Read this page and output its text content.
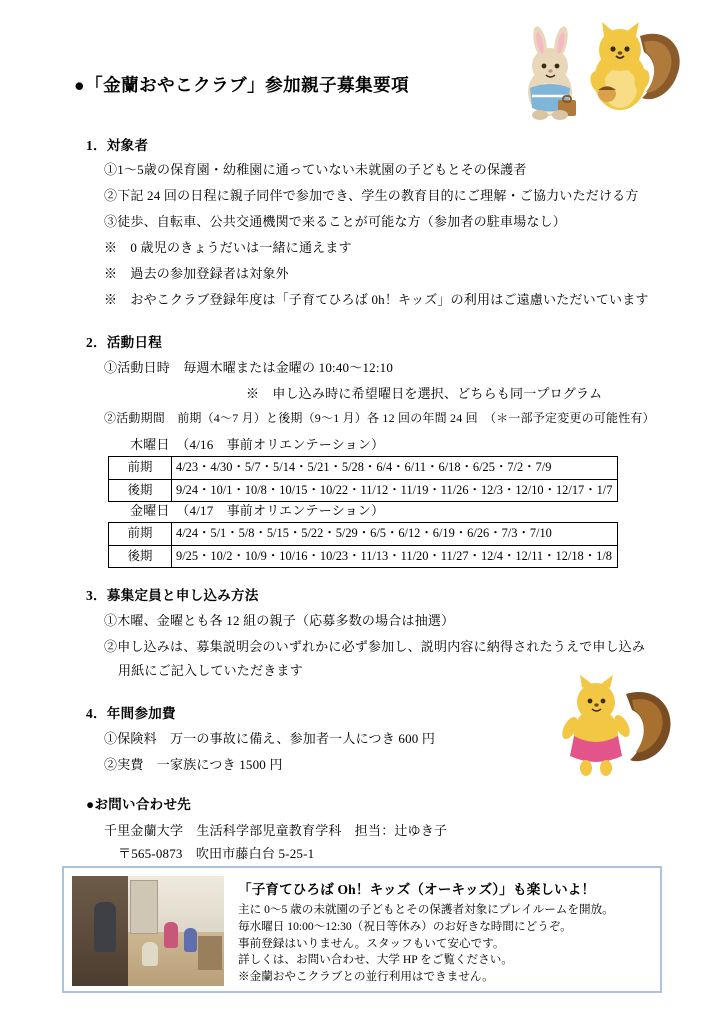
●「金蘭おやこクラブ」参加親子募集要項
1．対象者
①1～5歳の保育園・幼稚園に通っていない未就園の子どもとその保護者
②下記 24 回の日程に親子同伴で参加でき、学生の教育目的にご理解・ご協力いただける方
③徒歩、自転車、公共交通機関で来ることが可能な方（参加者の駐車場なし）
※　0 歳児のきょうだいは一緒に通えます
※　過去の参加登録者は対象外
※　おやこクラブ登録年度は「子育てひろば 0h！キッズ」の利用はご遠慮いただいています
2．活動日程
①活動日時　毎週木曜または金曜の 10:40～12:10
※　申し込み時に希望曜日を選択、どちらも同一プログラム
②活動期間　前期（4～7 月）と後期（9～1 月）各 12 回の年間 24 回　（＊一部予定変更の可能性有）
木曜日　（4/16　事前オリエンテーション）
前期	4/23・4/30・5/7・5/14・5/21・5/28・6/4・6/11・6/18・6/25・7/2・7/9
後期	9/24・10/1・10/8・10/15・10/22・11/12・11/19・11/26・12/3・12/10・12/17・1/7
金曜日　（4/17　事前オリエンテーション）
前期	4/24・5/1・5/8・5/15・5/22・5/29・6/5・6/12・6/19・6/26・7/3・7/10
後期	9/25・10/2・10/9・10/16・10/23・11/13・11/20・11/27・12/4・12/11・12/18・1/8
3．募集定員と申し込み方法
①木曜、金曜とも各 12 組の親子（応募多数の場合は抽選）
②申し込みは、募集説明会のいずれかに必ず参加し、説明内容に納得されたうえで申し込み
用紙にご記入していただきます
4．年間参加費
①保険料　万一の事故に備え、参加者一人につき 600 円
②実費　一家族につき 1500 円
●お問い合わせ先
千里金蘭大学　生活科学部児童教育学科　担当：辻ゆき子
〒565-0873　吹田市藤白台 5-25-1
「子育てひろば Oh！キッズ（オーキッズ）」も楽しいよ！
主に 0～5 歳の未就園の子どもとその保護者対象にプレイルームを開放。
毎水曜日 10:00～12:30（祝日等休み）のお好きな時間にどうぞ。
事前登録はいりません。スタッフもいて安心です。
詳しくは、お問い合わせ、大学 HP をご覧ください。
※金蘭おやこクラブとの並行利用はできません。
